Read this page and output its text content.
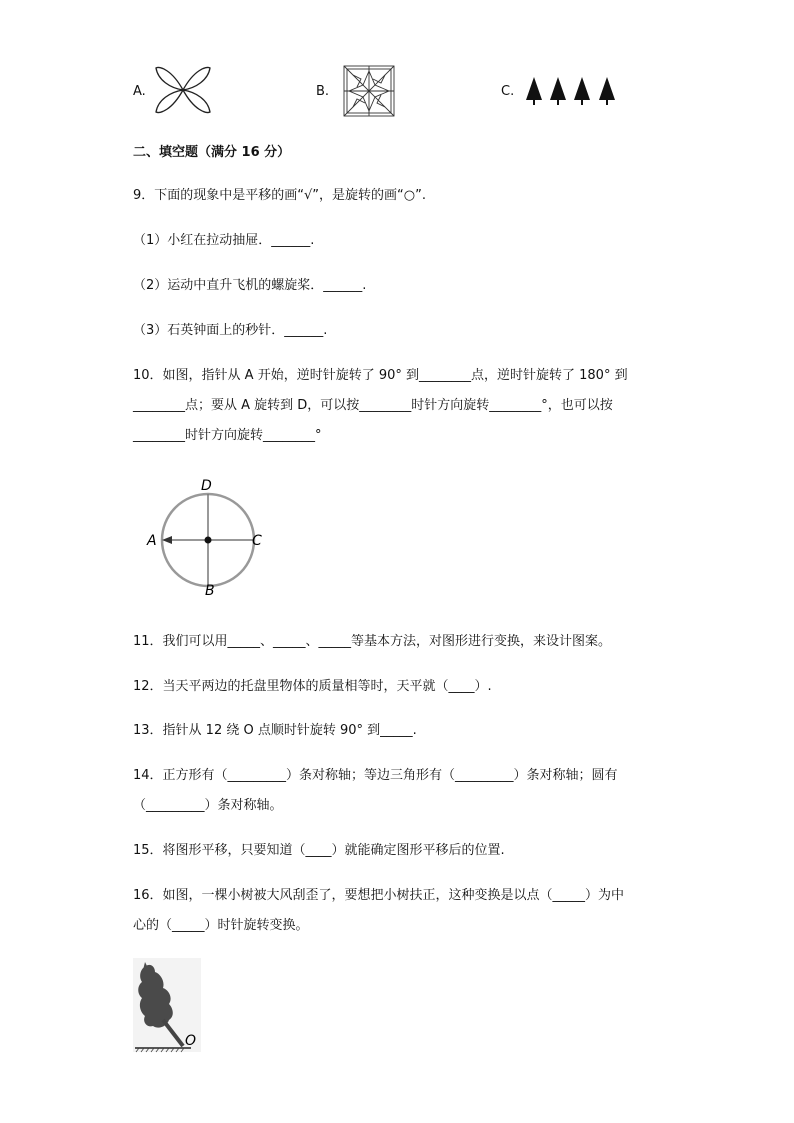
A.	B.	C.
二、填空题（满分 16 分）
9．下面的现象中是平移的画“√”，是旋转的画“○”.
（1）小红在拉动抽屉．______.
（2）运动中直升飞机的螺旋桨．______.
（3）石英钟面上的秒针．______.
10．如图，指针从 A 开始，逆时针旋转了 90° 到________点，逆时针旋转了 180° 到
________点；要从 A 旋转到 D，可以按________时针方向旋转________°，也可以按
________时针方向旋转________°
D
A	C
B
11．我们可以用_____、_____、_____等基本方法，对图形进行变换，来设计图案。
12．当天平两边的托盘里物体的质量相等时，天平就（____）.
13．指针从 12 绕 O 点顺时针旋转 90° 到_____.
14．正方形有（_________）条对称轴；等边三角形有（_________）条对称轴；圆有
（_________）条对称轴。
15．将图形平移，只要知道（____）就能确定图形平移后的位置.
16．如图，一棵小树被大风刮歪了，要想把小树扶正，这种变换是以点（_____）为中
心的（_____）时针旋转变换。
O
